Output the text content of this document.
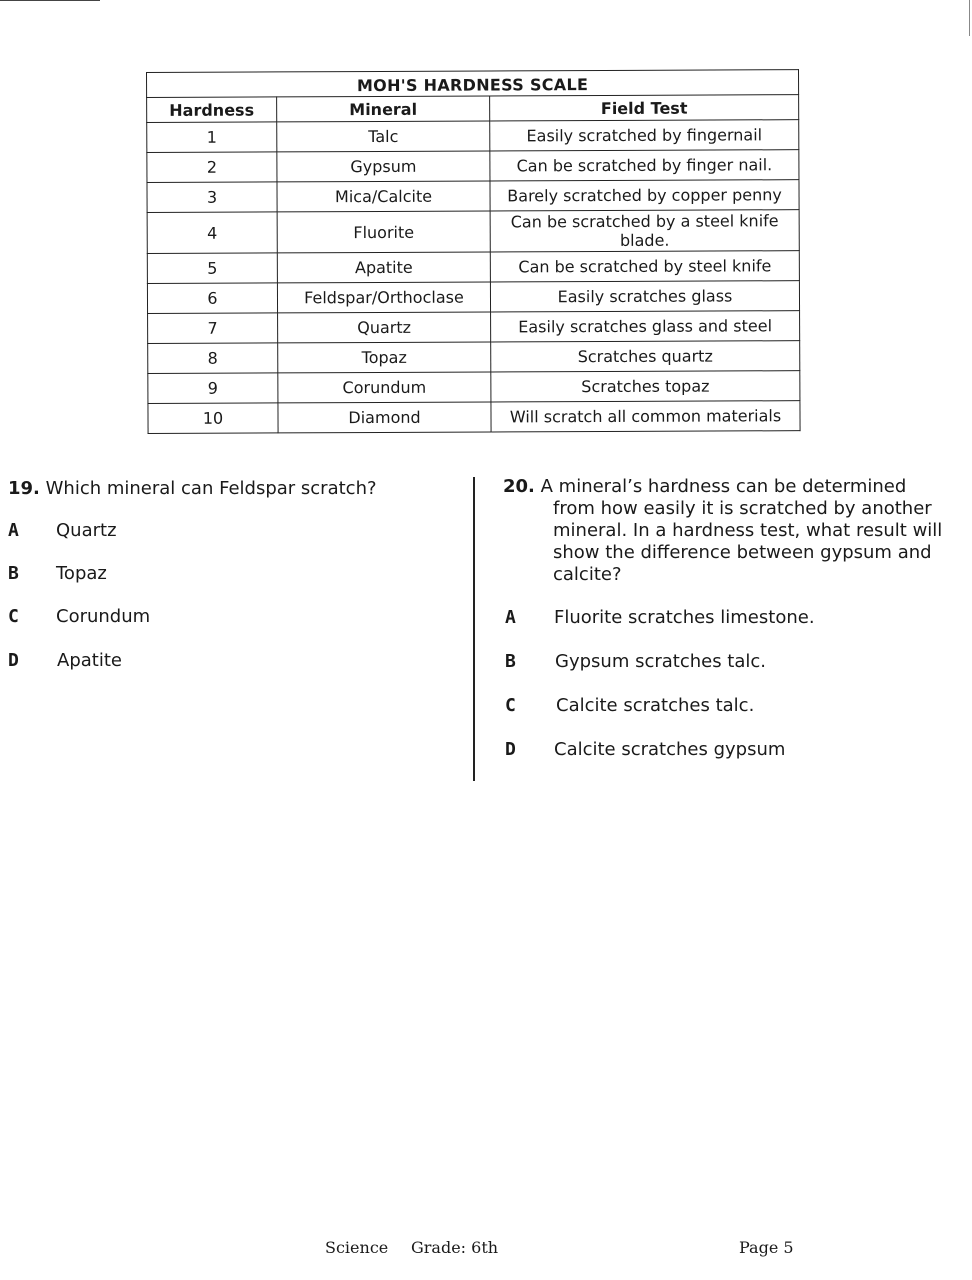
MOH'S HARDNESS SCALE		
Hardness	Mineral	Field Test
1	Talc	Easily scratched by fingernail
2	Gypsum	Can be scratched by finger nail.
3	Mica/Calcite	Barely scratched by copper penny
4	Fluorite	Can be scratched by a steel knife blade.
5	Apatite	Can be scratched by steel knife
6	Feldspar/Orthoclase	Easily scratches glass
7	Quartz	Easily scratches glass and steel
8	Topaz	Scratches quartz
9	Corundum	Scratches topaz
10	Diamond	Will scratch all common materials
19. Which mineral can Feldspar scratch?
A Quartz
B Topaz
C Corundum
D Apatite
20. A mineral’s hardness can be determined
from how easily it is scratched by another mineral. In a hardness test, what result will show the difference between gypsum and calcite?
A Fluorite scratches limestone.
B Gypsum scratches talc.
C Calcite scratches talc.
D Calcite scratches gypsum
Science Grade: 6th	Page 5
